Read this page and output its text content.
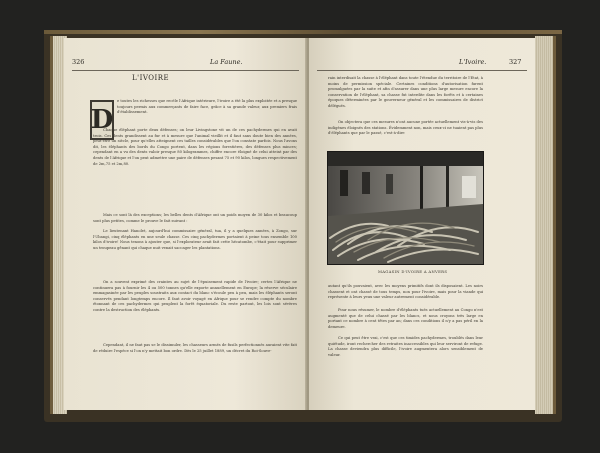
326	La Faune.	L'Ivoire.	327
L'IVOIRE
D

e toutes les richesses que recèle l'Afrique intérieure, l'ivoire a été la plus exploitée et a presque toujours permis aux commerçants de faire face, grâce à sa grande valeur, aux premiers frais d'établissement.

Chaque éléphant porte deux défenses; on leur Livingstone vit un de ces pachydermes qui en avait trois. Ces dents grandissent au fur et à mesure que l'animal vieillit et il faut sans doute bien des années, peut-être un siècle, pour qu'elles atteignent ces tailles considérables que l'on constate parfois. Nous l'avons dit, les éléphants des bords du Congo portent, dans les régions forestières, des défenses plus minces; cependant en a vu des dents valoir presque 80 kilogrammes, chiffre encore éloigné de celui atteint par des dents de l'Afrique et l'on peut admettre une paire de défenses pesant 75 et 90 kilos, longues respectivement de 2m,75 et 2m,80.

Mais ce sont là des exceptions; les belles dents d'Afrique ont un poids moyen de 30 kilos et beaucoup sont plus petites, comme le prouve le fait suivant :

Le lieutenant Hanolet, aujourd'hui commissaire général, tua, il y a quelques années, à Zongo, sur l'Ubangi, cinq éléphants en une seule chasse. Ces cinq pachydermes portaient à peine tous ensemble 100 kilos d'ivoire! Nous tenons à ajouter que, si l'explorateur avait fait cette hécatombe, c'était pour supprimer un troupeau gênant qui chaque nuit venait saccager les plantations.

On a souvent exprimé des craintes au sujet de l'épuisement rapide de l'ivoire; certes l'Afrique ne continuera pas à fournir les 4 ou 500 tonnes qu'elle exporte annuellement en Europe; la réserve séculaire emmagasinée par les peuples soustraits aux contact du blanc s'écoule peu à peu, mais les éléphants seront conservés pendant longtemps encore. Il faut avoir voyagé en Afrique pour se rendre compte du nombre étonnant de ces pachydermes qui peuplent la forêt équatoriale. Du reste partout, les lois sont sévères contre la destruction des éléphants.

Cependant, il ne faut pas se le dissimuler, les chasseurs armés de fusils perfectionnés auraient vite fait de réduire l'espèce si l'on n'y mettait bon ordre. Dès le 25 juillet 1889, un décret du Roi-Souve-

rain interdisait la chasse à l'éléphant dans toute l'étendue du territoire de l'État, à moins de permission spéciale. Certaines conditions d'autorisation furent promulguées par la suite et afin d'assurer dans une plus large mesure encore la conservation de l'éléphant, sa chasse fut interdite dans les forêts et à certaines époques déterminées par le gouverneur général et les commissaires de district délégués.

On objectera que ces mesures n'ont aucune portée actuellement vis-à-vis des indigènes éloignés des stations. Évidemment non, mais ceux-ci ne tuaient pas plus d'éléphants que par le passé, c'est-à-dire

MAGASIN D'IVOIRE A ANVERS

autant qu'ils pouvaient, avec les moyens primitifs dont ils disposaient. Les noirs chassent et ont chassé de tous temps, non pour l'ivoire, mais pour la viande qui représente à leurs yeux une valeur autrement considérable.

Pour nous résumer, le nombre d'éléphants tués actuellement au Congo n'est augmenté que de celui chassé par les blancs, et nous croyons très large en portant ce nombre à cent têtes par an; dans ces conditions il n'y a pas péril en la demeure.

Ce qui peut être vrai, c'est que ces timides pachydermes, troublés dans leur quiétude, iront rechercher des retraites inaccessibles qui leur serviront de refuge. La chasse deviendra plus difficile, l'ivoire augmentera alors sensiblement de valeur.
